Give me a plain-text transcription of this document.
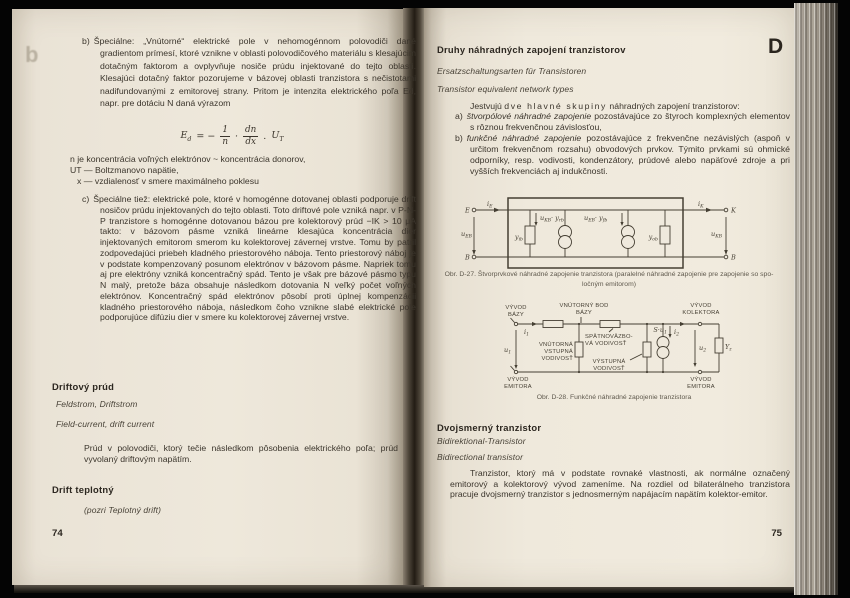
d
b) Špeciálne: „Vnútorné“ elektrické pole v nehomogénnom polovodiči dané gradientom prímesí, ktoré vznikne v oblasti polovodičového materiálu s klesajúcim dotačným faktorom a ovplyvňuje nosiče prúdu injektované do tejto oblasti. Klesajúci dotačný faktor pozorujeme v bázovej oblasti tranzistora s nečistotami nadifundovanými z emitorovej strany. Pritom je intenzita elektrického poľa Ed, napr. pre dotáciu N daná výrazom
$E_d$ = − $\frac{1}{n} \cdot \frac{dn}{dx}$ . $U_T$
n je koncentrácia voľných elektrónov ~ koncentrácia donorov,
UT — Boltzmanovo napätie,
x — vzdialenosť v smere maximálneho poklesu
c) Špeciálne tiež: elektrické pole, ktoré v homogénne dotovanej oblasti podporuje drift nosičov prúdu injektovaných do tejto oblasti. Toto driftové pole vzniká napr. v P-N-P tranzistore s homogénne dotovanou bázou pre kolektorový prúd −IK > 10 μA takto: v bázovom pásme vzniká lineárne klesajúca koncentrácia dier injektovaných emitorom smerom ku kolektorovej závernej vrstve. Tomu by patril zodpovedajúci priebeh kladného priestorového náboja. Tento priestorový náboj je v podstate kompenzovaný posunom elektrónov v bázovom pásme. Napriek tomu aj pre elektróny vzniká koncentračný spád. Tento je však pre bázové pásmo typu N malý, pretože báza obsahuje následkom dotovania N veľký počet voľných elektrónov. Koncentračný spád elektrónov pôsobí proti úplnej kompenzácii kladného priestorového náboja, následkom čoho vznikne slabé elektrické pole podporujúce difúziu dier v smere ku kolektorovej závernej vrstve.
Driftový prúd
Feldstrom, Driftstrom
Field-current, drift current
Prúd v polovodiči, ktorý tečie následkom pôsobenia elektrického poľa; prúd vyvolaný driftovým napätím.
Drift teplotný
(pozri Teplotný drift)
74
D
Druhy náhradných zapojení tranzistorov
Ersatzschaltungsarten für Transistoren
Transistor equivalent network types
Jestvujú dve hlavné skupiny náhradných zapojení tranzistorov:
a) štvorpólové náhradné zapojenie pozostávajúce zo štyroch komplexných elementov s rôznou frekvenčnou závislosťou,
b) funkčné náhradné zapojenie pozostávajúce z frekvenčne nezávislých (aspoň v určitom frekvenčnom rozsahu) obvodových prvkov. Týmito prvkami sú ohmické odporníky, resp. vodivosti, kondenzátory, prúdové alebo napäťové zdroje a pri vyšších frekvenciách aj indukčnosti.
E
B
K
B
$i_E$	$i_K$
$u_{EB}$	$u_{KB}$
$y_{ib}$	$y_{ob}$
$u_{KB}\cdot y_{rb}$	$u_{EB}\cdot y_{fb}$
Obr. D-27. Štvorprvkové náhradné zapojenie tranzistora (paralelné náhradné zapojenie pre zapojenie so spo-
ločným emitorom)
VÝVOD
BÁZY
VNÚTORNÝ BOD
BÁZY
VÝVOD
KOLEKTORA
SPÄTNOVÄZBO-
VÁ VODIVOSŤ
VNÚTORNÁ
VSTUPNÁ
VODIVOSŤ	VÝSTUPNÁ
VODIVOSŤ
VÝVOD
EMITORA
VÝVOD
EMITORA
$i_1$	$i_2$
$u_1$
$u_2$
$S\cdot u_1$
$Y_z$
Obr. D-28. Funkčné náhradné zapojenie tranzistora
Dvojsmerný tranzistor
Bidirektional-Transistor
Bidirectional transistor
Tranzistor, ktorý má v podstate rovnaké vlastnosti, ak normálne označený emitorový a kolektorový vývod zameníme. Na rozdiel od bilaterálneho tranzistora pracuje dvojsmerný tranzistor s jednosmerným napájacím napätím kolektor-emitor.
75
